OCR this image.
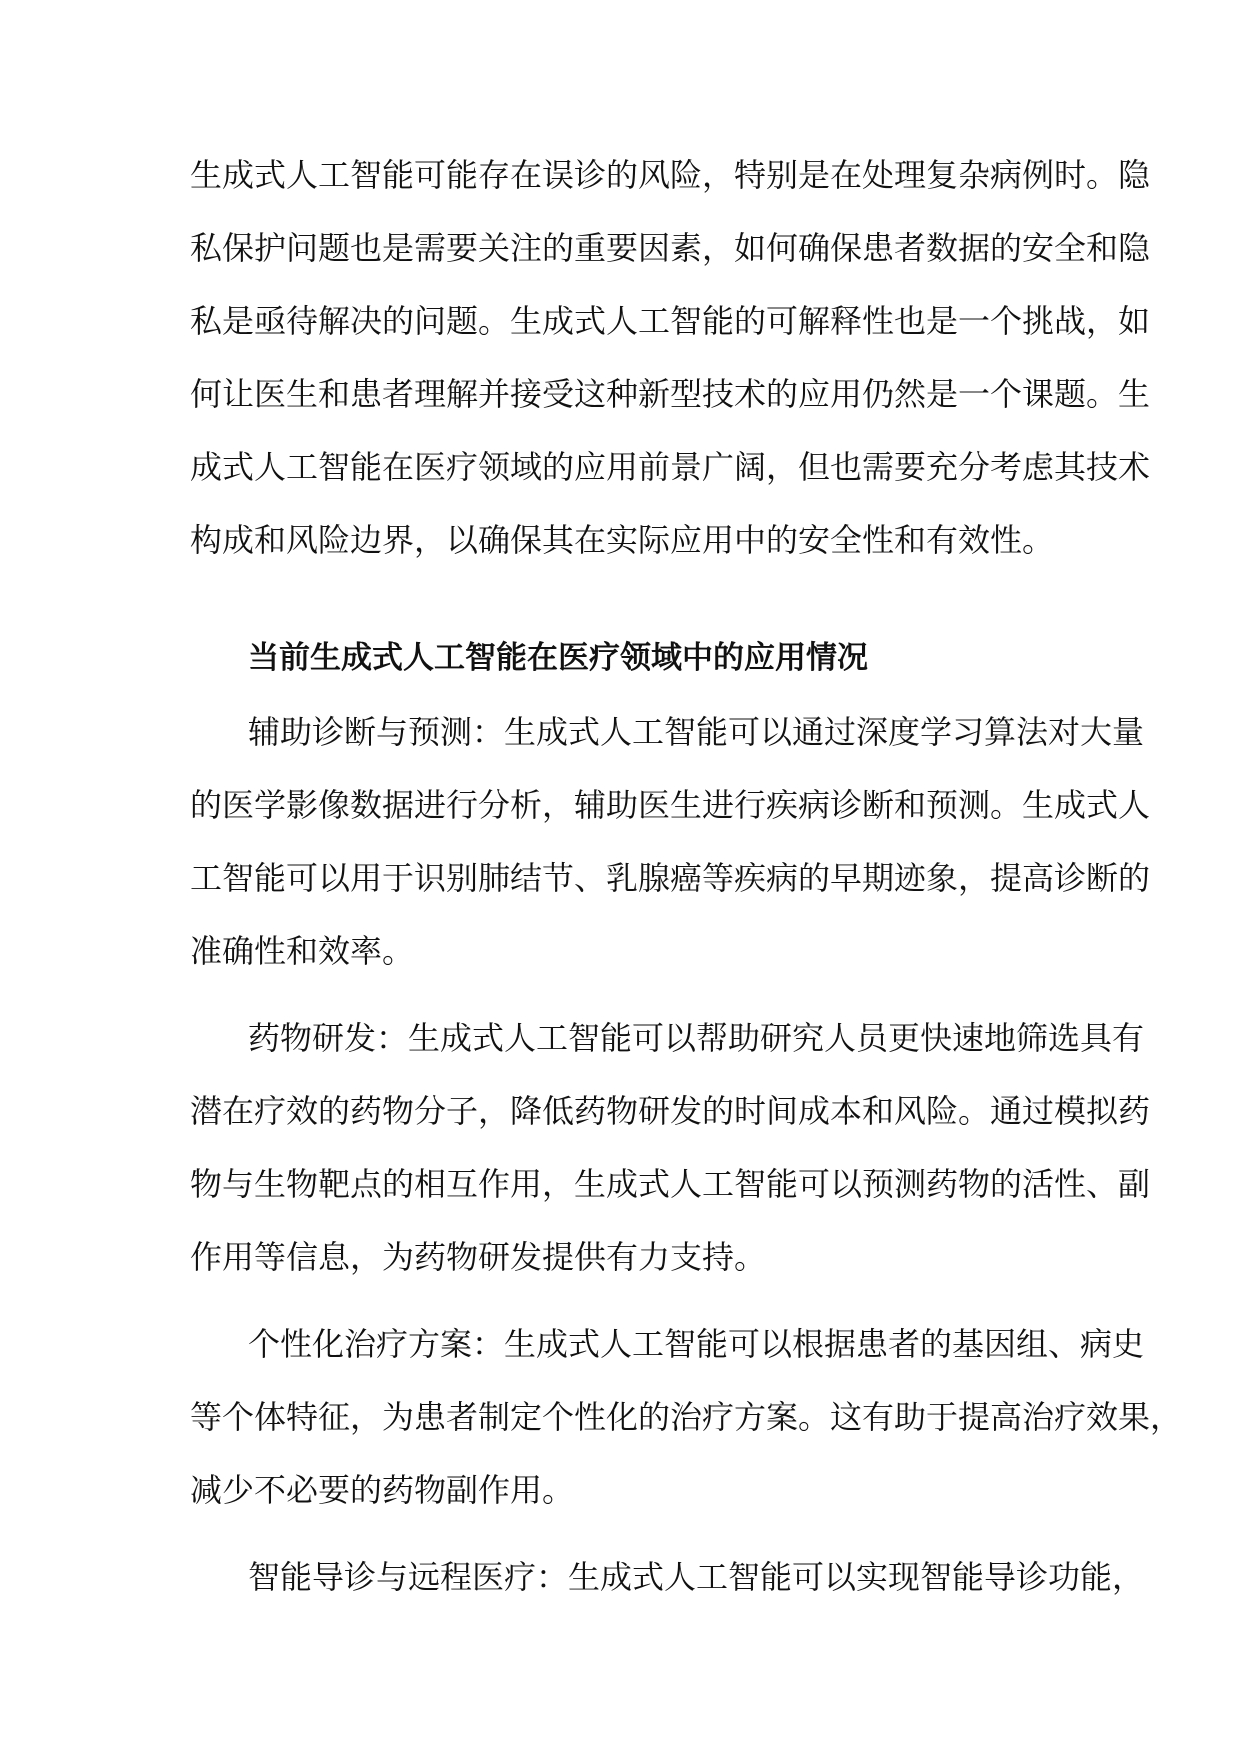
生成式人工智能可能存在误诊的风险，特别是在处理复杂病例时。隐
私保护问题也是需要关注的重要因素，如何确保患者数据的安全和隐
私是亟待解决的问题。生成式人工智能的可解释性也是一个挑战，如
何让医生和患者理解并接受这种新型技术的应用仍然是一个课题。生
成式人工智能在医疗领域的应用前景广阔，但也需要充分考虑其技术
构成和风险边界，以确保其在实际应用中的安全性和有效性。
当前生成式人工智能在医疗领域中的应用情况
辅助诊断与预测：生成式人工智能可以通过深度学习算法对大量
的医学影像数据进行分析，辅助医生进行疾病诊断和预测。生成式人
工智能可以用于识别肺结节、乳腺癌等疾病的早期迹象，提高诊断的
准确性和效率。
药物研发：生成式人工智能可以帮助研究人员更快速地筛选具有
潜在疗效的药物分子，降低药物研发的时间成本和风险。通过模拟药
物与生物靶点的相互作用，生成式人工智能可以预测药物的活性、副
作用等信息，为药物研发提供有力支持。
个性化治疗方案：生成式人工智能可以根据患者的基因组、病史
等个体特征，为患者制定个性化的治疗方案。这有助于提高治疗效果，
减少不必要的药物副作用。
智能导诊与远程医疗：生成式人工智能可以实现智能导诊功能，
